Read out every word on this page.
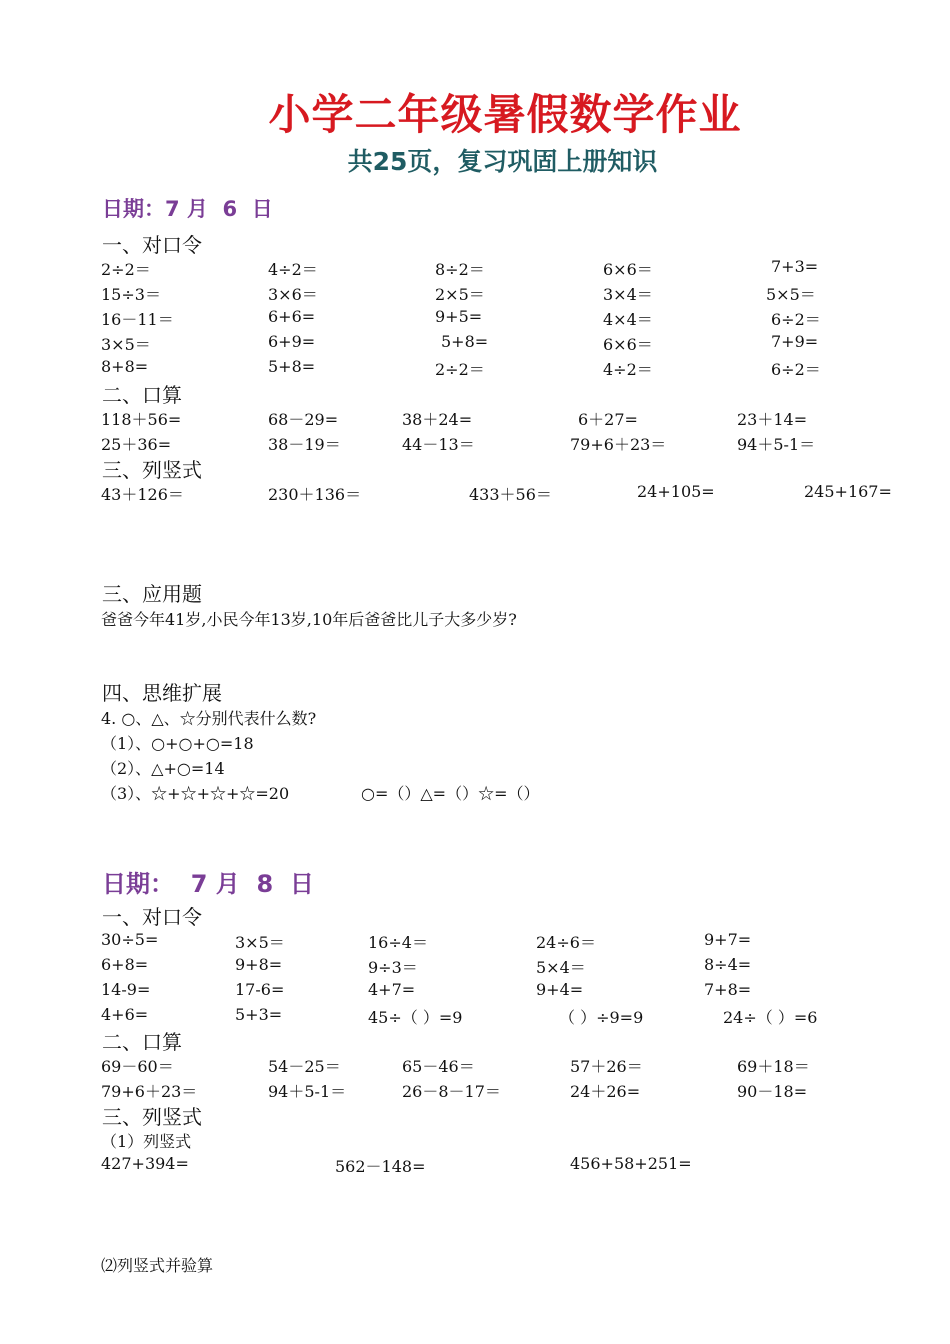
小学二年级暑假数学作业
共25页，复习巩固上册知识
日期：7 月  6  日
一、对口令
2÷2＝	4÷2＝	8÷2＝	6×6＝	7+3=
15÷3＝	3×6＝	2×5＝	3×4＝	5×5＝
16－11＝	6+6=	9+5=	4×4＝	6÷2＝
3×5＝	6+9=	5+8=	6×6＝	7+9=
8+8=	5+8=	2÷2＝	4÷2＝	6÷2＝
二、口算
118＋56=	68－29=	38＋24=	6＋27=	23＋14=
25＋36=	38－19＝	44－13＝	79+6＋23＝	94＋5-1＝
三、列竖式
43＋126＝	230＋136＝	433＋56＝	24+105=	245+167=
三、应用题
爸爸今年41岁,小民今年13岁,10年后爸爸比儿子大多少岁?
四、思维扩展
4. ○、△、☆分别代表什么数?
（1）、○+○+○=18
（2）、△+○=14
（3）、☆+☆+☆+☆=20	○=（）△=（）☆=（）
日期：  7 月  8  日
一、对口令
30÷5=	3×5＝	16÷4＝	24÷6＝	9+7=
6+8=	9+8=	9÷3＝	5×4＝	8÷4=
14-9=	17-6=	4+7=	9+4=	7+8=
4+6=	5+3=	45÷（ ）=9	（ ）÷9=9	24÷（ ）=6
二、口算
69－60＝	54－25＝	65－46＝	57＋26＝	69＋18＝
79+6＋23＝	94＋5-1＝	26－8－17＝	24＋26=	90－18=
三、列竖式
（1）列竖式
427+394=	562－148=	456+58+251=
⑵列竖式并验算
